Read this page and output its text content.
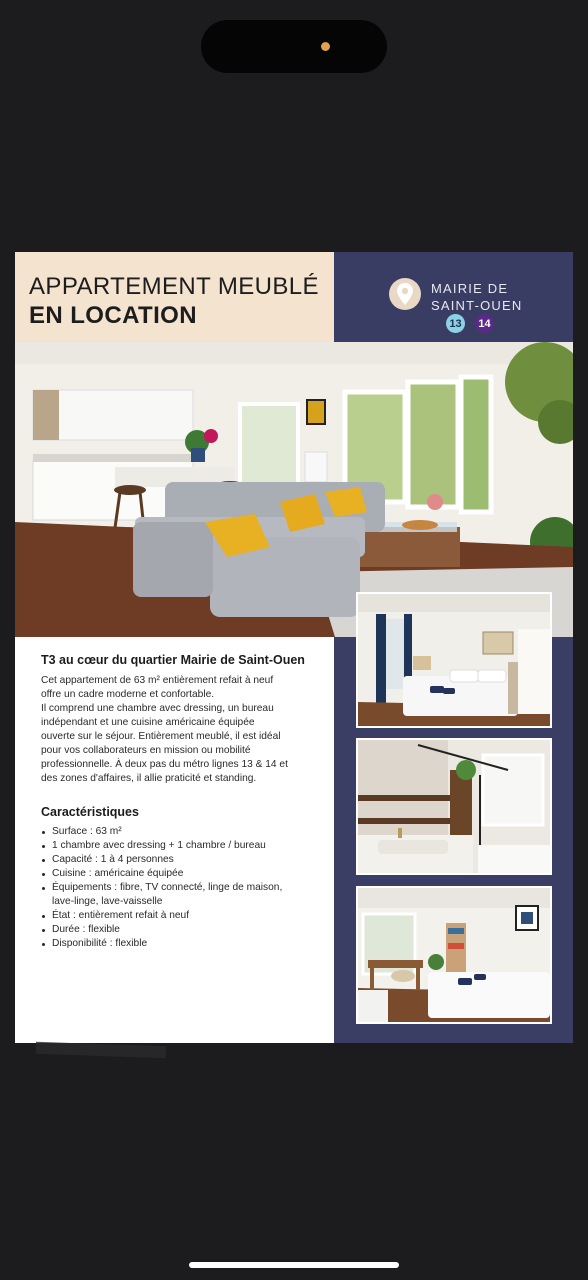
APPARTEMENT MEUBLÉ
EN LOCATION
MAIRIE DE
SAINT-OUEN
13	14
T3 au cœur du quartier Mairie de Saint-Ouen

Cet appartement de 63 m² entièrement refait à neuf

offre un cadre moderne et confortable.

Il comprend une chambre avec dressing, un bureau

indépendant et une cuisine américaine équipée

ouverte sur le séjour. Entièrement meublé, il est idéal

pour vos collaborateurs en mission ou mobilité

professionnelle. À deux pas du métro lignes 13 & 14 et

des zones d'affaires, il allie praticité et standing.

Caractéristiques
Surface : 63 m²
1 chambre avec dressing + 1 chambre / bureau
Capacité : 1 à 4 personnes
Cuisine : américaine équipée
Équipements : fibre, TV connecté, linge de maison,
lave-linge, lave-vaisselle
État : entièrement refait à neuf
Durée : flexible
Disponibilité : flexible
